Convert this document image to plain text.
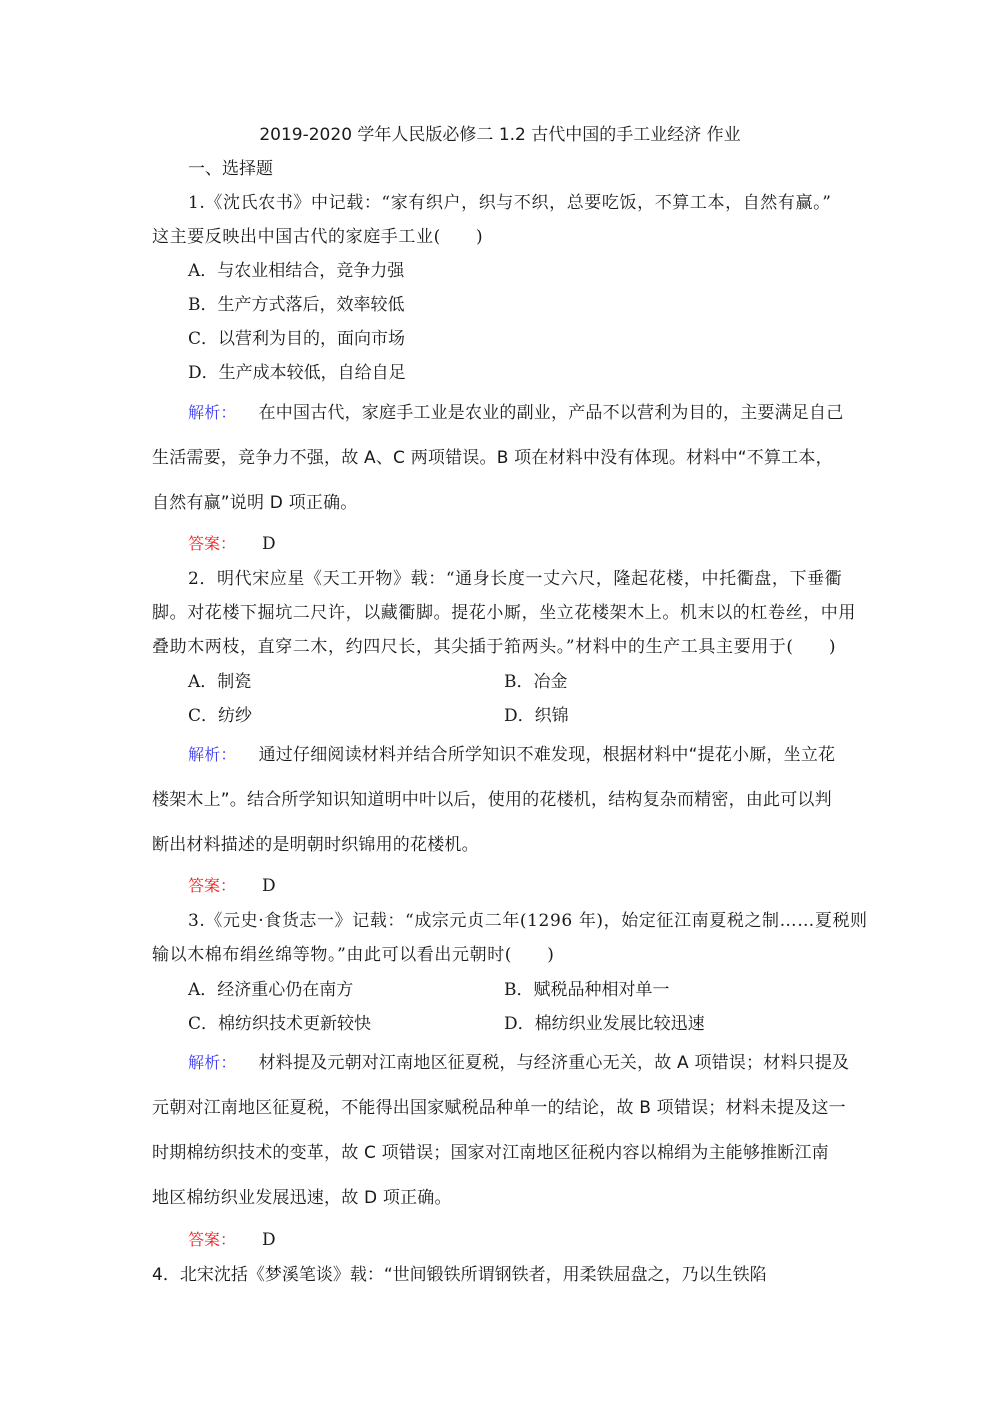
2019-2020 学年人民版必修二 1.2 古代中国的手工业经济 作业
一、选择题
1.《沈氏农书》中记载：“家有织户，织与不织，总要吃饭，不算工本，自然有赢。”
这主要反映出中国古代的家庭手工业(　　)
A．与农业相结合，竞争力强
B．生产方式落后，效率较低
C．以营利为目的，面向市场
D．生产成本较低，自给自足
解析： 在中国古代，家庭手工业是农业的副业，产品不以营利为目的，主要满足自己
生活需要，竞争力不强，故 A、C 两项错误。B 项在材料中没有体现。材料中“不算工本，
自然有赢”说明 D 项正确。
答案： D
2．明代宋应星《天工开物》载：“通身长度一丈六尺，隆起花楼，中托衢盘，下垂衢
脚。对花楼下掘坑二尺许，以藏衢脚。提花小厮，坐立花楼架木上。机末以的杠卷丝，中用
叠助木两枝，直穿二木，约四尺长，其尖插于筘两头。”材料中的生产工具主要用于(　　)
A．制瓷	B．冶金
C．纺纱	D．织锦
解析： 通过仔细阅读材料并结合所学知识不难发现，根据材料中“提花小厮，坐立花
楼架木上”。结合所学知识知道明中叶以后，使用的花楼机，结构复杂而精密，由此可以判
断出材料描述的是明朝时织锦用的花楼机。
答案： D
3.《元史·食货志一》记载：“成宗元贞二年(1296 年)，始定征江南夏税之制……夏税则
输以木棉布绢丝绵等物。”由此可以看出元朝时(　　)
A．经济重心仍在南方	B．赋税品种相对单一
C．棉纺织技术更新较快	D．棉纺织业发展比较迅速
解析： 材料提及元朝对江南地区征夏税，与经济重心无关，故 A 项错误；材料只提及
元朝对江南地区征夏税，不能得出国家赋税品种单一的结论，故 B 项错误；材料未提及这一
时期棉纺织技术的变革，故 C 项错误；国家对江南地区征税内容以棉绢为主能够推断江南
地区棉纺织业发展迅速，故 D 项正确。
答案： D
4．北宋沈括《梦溪笔谈》载：“世间锻铁所谓钢铁者，用柔铁屈盘之，乃以生铁陷
